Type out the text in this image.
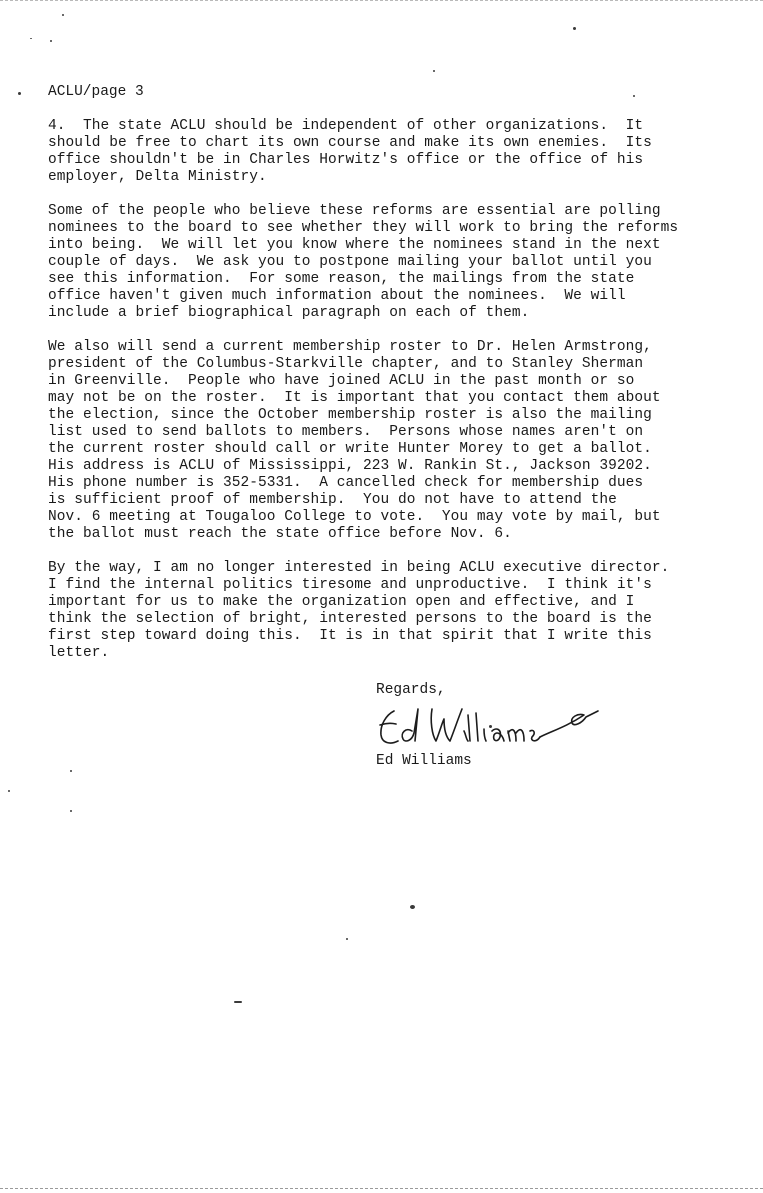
ACLU/page 3
4.  The state ACLU should be independent of other organizations.  It
should be free to chart its own course and make its own enemies.  Its
office shouldn't be in Charles Horwitz's office or the office of his
employer, Delta Ministry.
Some of the people who believe these reforms are essential are polling
nominees to the board to see whether they will work to bring the reforms
into being.  We will let you know where the nominees stand in the next
couple of days.  We ask you to postpone mailing your ballot until you
see this information.  For some reason, the mailings from the state
office haven't given much information about the nominees.  We will
include a brief biographical paragraph on each of them.
We also will send a current membership roster to Dr. Helen Armstrong,
president of the Columbus-Starkville chapter, and to Stanley Sherman
in Greenville.  People who have joined ACLU in the past month or so
may not be on the roster.  It is important that you contact them about
the election, since the October membership roster is also the mailing
list used to send ballots to members.  Persons whose names aren't on
the current roster should call or write Hunter Morey to get a ballot.
His address is ACLU of Mississippi, 223 W. Rankin St., Jackson 39202.
His phone number is 352-5331.  A cancelled check for membership dues
is sufficient proof of membership.  You do not have to attend the
Nov. 6 meeting at Tougaloo College to vote.  You may vote by mail, but
the ballot must reach the state office before Nov. 6.
By the way, I am no longer interested in being ACLU executive director.
I find the internal politics tiresome and unproductive.  I think it's
important for us to make the organization open and effective, and I
think the selection of bright, interested persons to the board is the
first step toward doing this.  It is in that spirit that I write this
letter.
Regards,
Ed Williams
